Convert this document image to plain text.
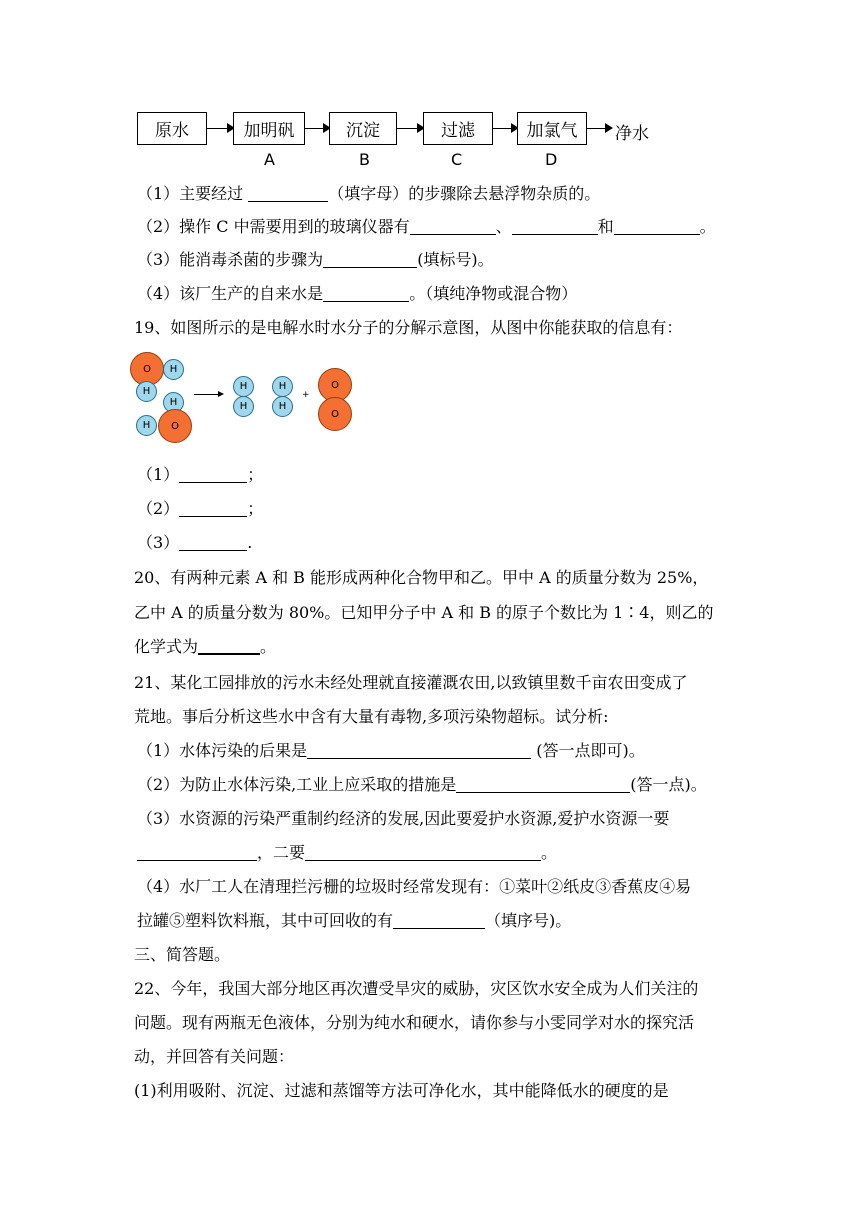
原水	加明矾	沉淀	过滤	加氯气 净水
A	B	C	D
（1）主要经过	（填字母）的步骤除去悬浮物杂质的。
（2）操作 C 中需要用到的玻璃仪器有	、	和	。
（3）能消毒杀菌的步骤为	(填标号)。
（4）该厂生产的自来水是	。（填纯净物或混合物）
19、如图所示的是电解水时水分子的分解示意图，从图中你能获取的信息有：
O H
H
H
H O
H
H
H
H
+
O
O
（1）	；
（2）	；
（3）	.
20、有两种元素 A 和 B 能形成两种化合物甲和乙。甲中 A 的质量分数为 25%，
乙中 A 的质量分数为 80%。已知甲分子中 A 和 B 的原子个数比为 1∶4，则乙的
化学式为	。
21、某化工园排放的污水未经处理就直接灌溉农田,以致镇里数千亩农田变成了
荒地。事后分析这些水中含有大量有毒物,多项污染物超标。试分析:
（1）水体污染的后果是	(答一点即可)。
（2）为防止水体污染,工业上应采取的措施是	(答一点)。
（3）水资源的污染严重制约经济的发展,因此要爱护水资源,爱护水资源一要
，二要	。
（4）水厂工人在清理拦污栅的垃圾时经常发现有：①菜叶②纸皮③香蕉皮④易
拉罐⑤塑料饮料瓶，其中可回收的有	（填序号)。
三、简答题。
22、今年，我国大部分地区再次遭受旱灾的威胁，灾区饮水安全成为人们关注的
问题。现有两瓶无色液体，分别为纯水和硬水，请你参与小雯同学对水的探究活
动，并回答有关问题：
(1)利用吸附、沉淀、过滤和蒸馏等方法可净化水，其中能降低水的硬度的是
